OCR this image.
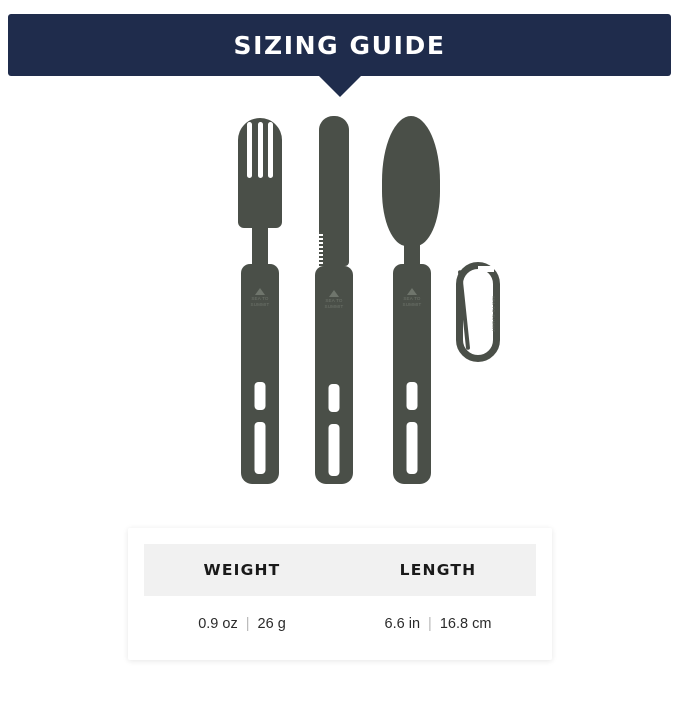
SIZING GUIDE
SEA TO SUMMIT
SEA TO SUMMIT
SEA TO SUMMIT	SEA TO SUMMIT
WEIGHT	LENGTH
0.9 oz | 26 g	6.6 in | 16.8 cm
